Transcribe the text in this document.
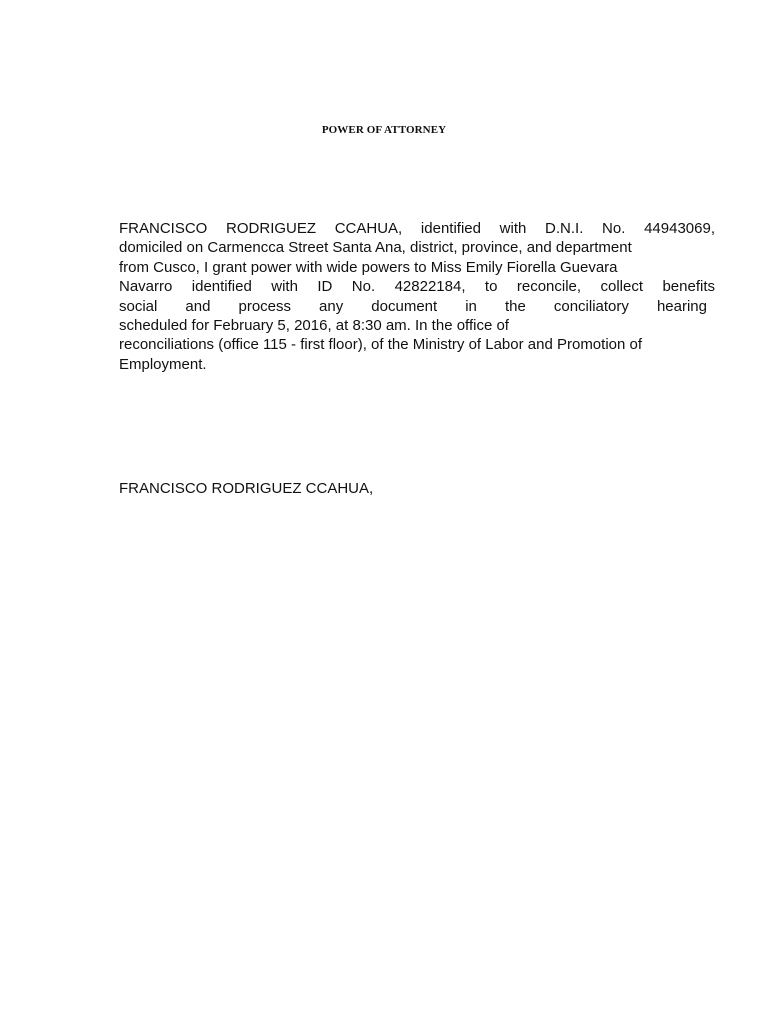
POWER OF ATTORNEY
FRANCISCO RODRIGUEZ CCAHUA, identified with D.N.I. No. 44943069,
domiciled on Carmencca Street Santa Ana, district, province, and department
from Cusco, I grant power with wide powers to Miss Emily Fiorella Guevara
Navarro identified with ID No. 42822184, to reconcile, collect benefits
social and process any document in the conciliatory hearing
scheduled for February 5, 2016, at 8:30 am. In the office of
reconciliations (office 115 - first floor), of the Ministry of Labor and Promotion of
Employment.

FRANCISCO RODRIGUEZ CCAHUA,
